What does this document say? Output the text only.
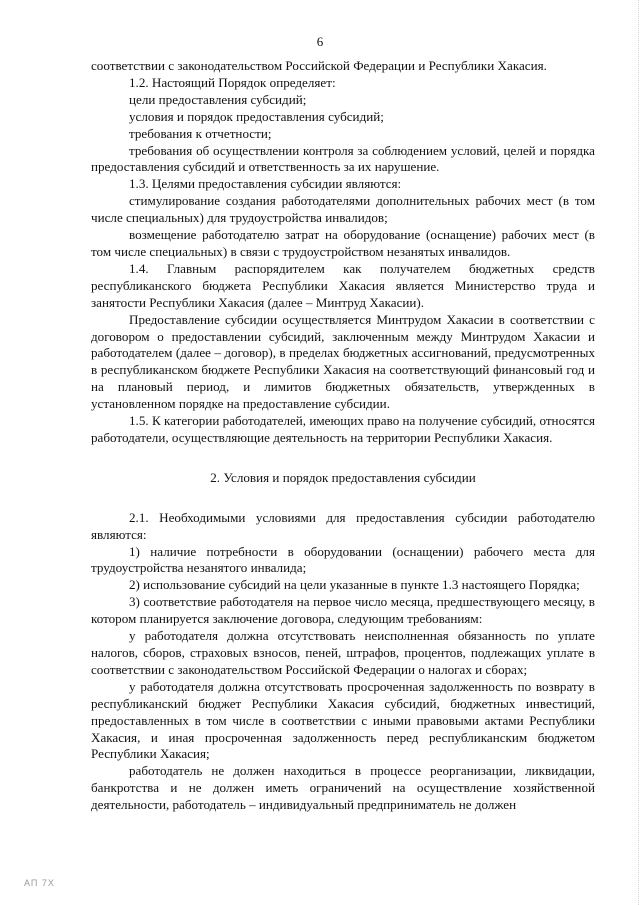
6

соответствии с законодательством Российской Федерации и Республики Хакасия.

1.2. Настоящий Порядок определяет:

цели предоставления субсидий;

условия и порядок предоставления субсидий;

требования к отчетности;

требования об осуществлении контроля за соблюдением условий, целей и порядка предоставления субсидий и ответственность за их нарушение.

1.3. Целями предоставления субсидии являются:

стимулирование создания работодателями дополнительных рабочих мест (в том числе специальных) для трудоустройства инвалидов;

возмещение работодателю затрат на оборудование (оснащение) рабочих мест (в том числе специальных) в связи с трудоустройством незанятых инвалидов.

1.4. Главным распорядителем как получателем бюджетных средств республиканского бюджета Республики Хакасия является Министерство труда и занятости Республики Хакасия (далее – Минтруд Хакасии).

Предоставление субсидии осуществляется Минтрудом Хакасии в соответствии с договором о предоставлении субсидий, заключенным между Минтрудом Хакасии и работодателем (далее – договор), в пределах бюджетных ассигнований, предусмотренных в республиканском бюджете Республики Хакасия на соответствующий финансовый год и на плановый период, и лимитов бюджетных обязательств, утвержденных в установленном порядке на предоставление субсидии.

1.5. К категории работодателей, имеющих право на получение субсидий, относятся работодатели, осуществляющие деятельность на территории Республики Хакасия.

2. Условия и порядок предоставления субсидии

2.1. Необходимыми условиями для предоставления субсидии работодателю являются:

1) наличие потребности в оборудовании (оснащении) рабочего места для трудоустройства незанятого инвалида;

2) использование субсидий на цели указанные в пункте 1.3 настоящего Порядка;

3) соответствие работодателя на первое число месяца, предшествующего месяцу, в котором планируется заключение договора, следующим требованиям:

у работодателя должна отсутствовать неисполненная обязанность по уплате налогов, сборов, страховых взносов, пеней, штрафов, процентов, подлежащих уплате в соответствии с законодательством Российской Федерации о налогах и сборах;

у работодателя должна отсутствовать просроченная задолженность по возврату в республиканский бюджет Республики Хакасия субсидий, бюджетных инвестиций, предоставленных в том числе в соответствии с иными правовыми актами Республики Хакасия, и иная просроченная задолженность перед республиканским бюджетом Республики Хакасия;

работодатель не должен находиться в процессе реорганизации, ликвидации, банкротства и не должен иметь ограничений на осуществление хозяйственной деятельности, работодатель – индивидуальный предприниматель не должен

АП 7Х
